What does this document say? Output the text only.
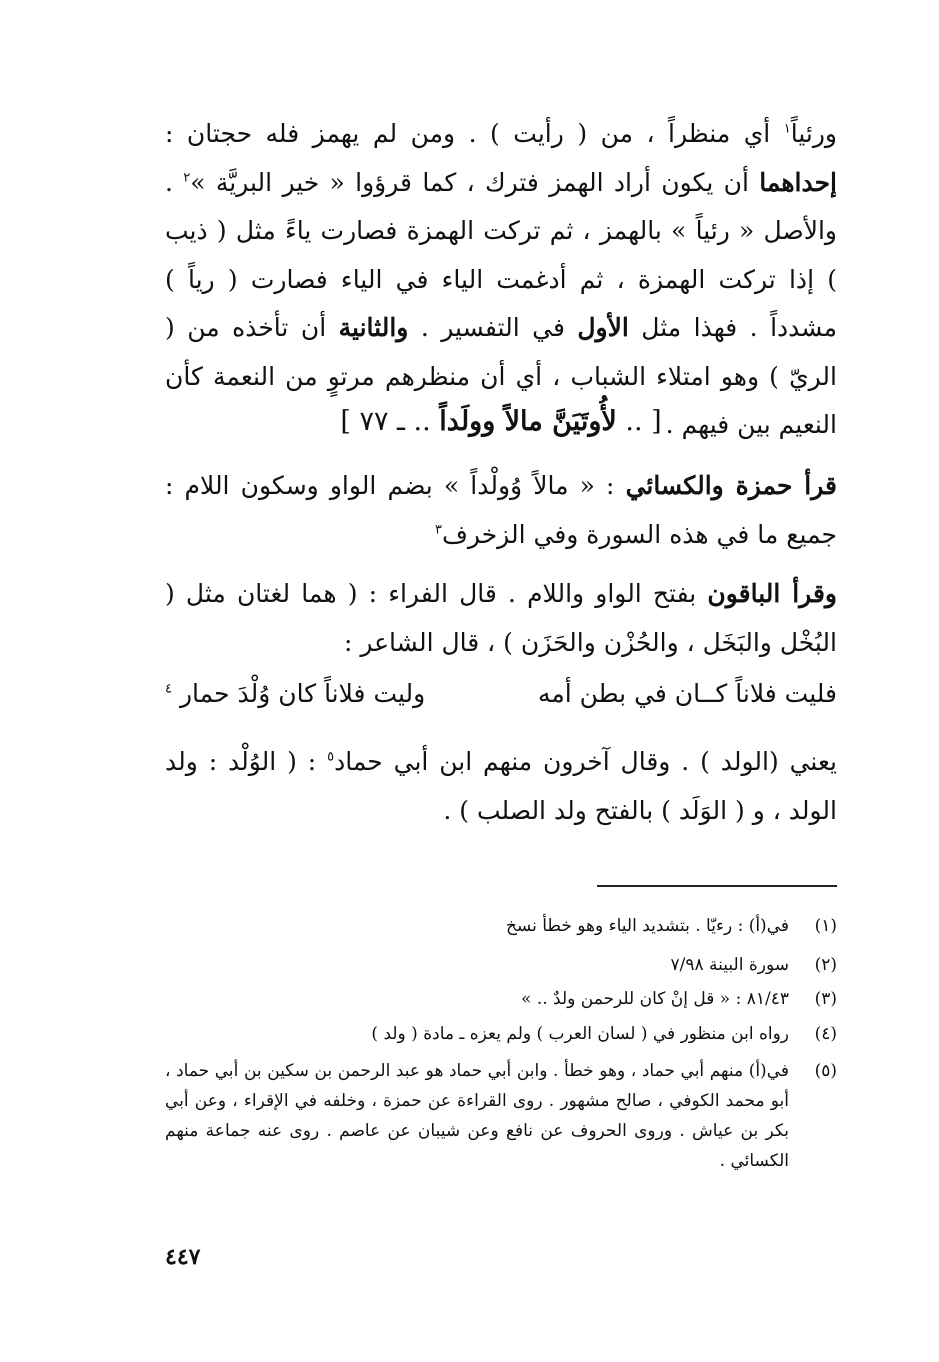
ورئياً$^١$ أي منظراً ، من ( رأيت ) . ومن لم يهمز فله حجتان : إحداهما أن يكون أراد الهمز فترك ، كما قرؤوا « خير البريَّة »$^٢$ . والأصل « رئياً » بالهمز ، ثم تركت الهمزة فصارت ياءً مثل ( ذيب ) إذا تركت الهمزة ، ثم أدغمت الياء في الياء فصارت ( رياً ) مشدداً . فهذا مثل الأول في التفسير . والثانية أن تأخذه من ( الريّ ) وهو امتلاء الشباب ، أي أن منظرهم مرتوٍ من النعمة كأن النعيم بين فيهم .

[ .. لأُوتَيَنَّ مالاً وولَداً .. ـ ٧٧ ]

قرأ حمزة والكسائي : « مالاً وُولْداً » بضم الواو وسكون اللام : جميع ما في هذه السورة وفي الزخرف$^٣$

وقرأ الباقون بفتح الواو واللام . قال الفراء : ( هما لغتان مثل ( البُخْل والبَخَل ، والحُزْن والحَزَن ) ، قال الشاعر :

فليت فلاناً كــان في بطن أمه
وليت فلاناً كان وُلْدَ حمار $^٤$

يعني (الولد ) . وقال آخرون منهم ابن أبي حماد$^٥$ : ( الوُلْد : ولد الولد ، و ( الوَلَد ) بالفتح ولد الصلب ) .

(١)
في(أ) : رءيّا . بتشديد الياء وهو خطأ نسخ

(٢)
سورة البينة ٧/٩٨

(٣)
٨١/٤٣ : « قل إنْ كان للرحمن ولدٌ .. »

(٤)
رواه ابن منظور في ( لسان العرب ) ولم يعزه ـ مادة ( ولد )

(٥)
في(أ) منهم أبي حماد ، وهو خطأ . وابن أبي حماد هو عبد الرحمن بن سكين بن أبي حماد ، أبو محمد الكوفي ، صالح مشهور . روى القراءة عن حمزة ، وخلفه في الإقراء ، وعن أبي بكر بن عياش . وروى الحروف عن نافع وعن شيبان عن عاصم . روى عنه جماعة منهم الكسائي .

٤٤٧
